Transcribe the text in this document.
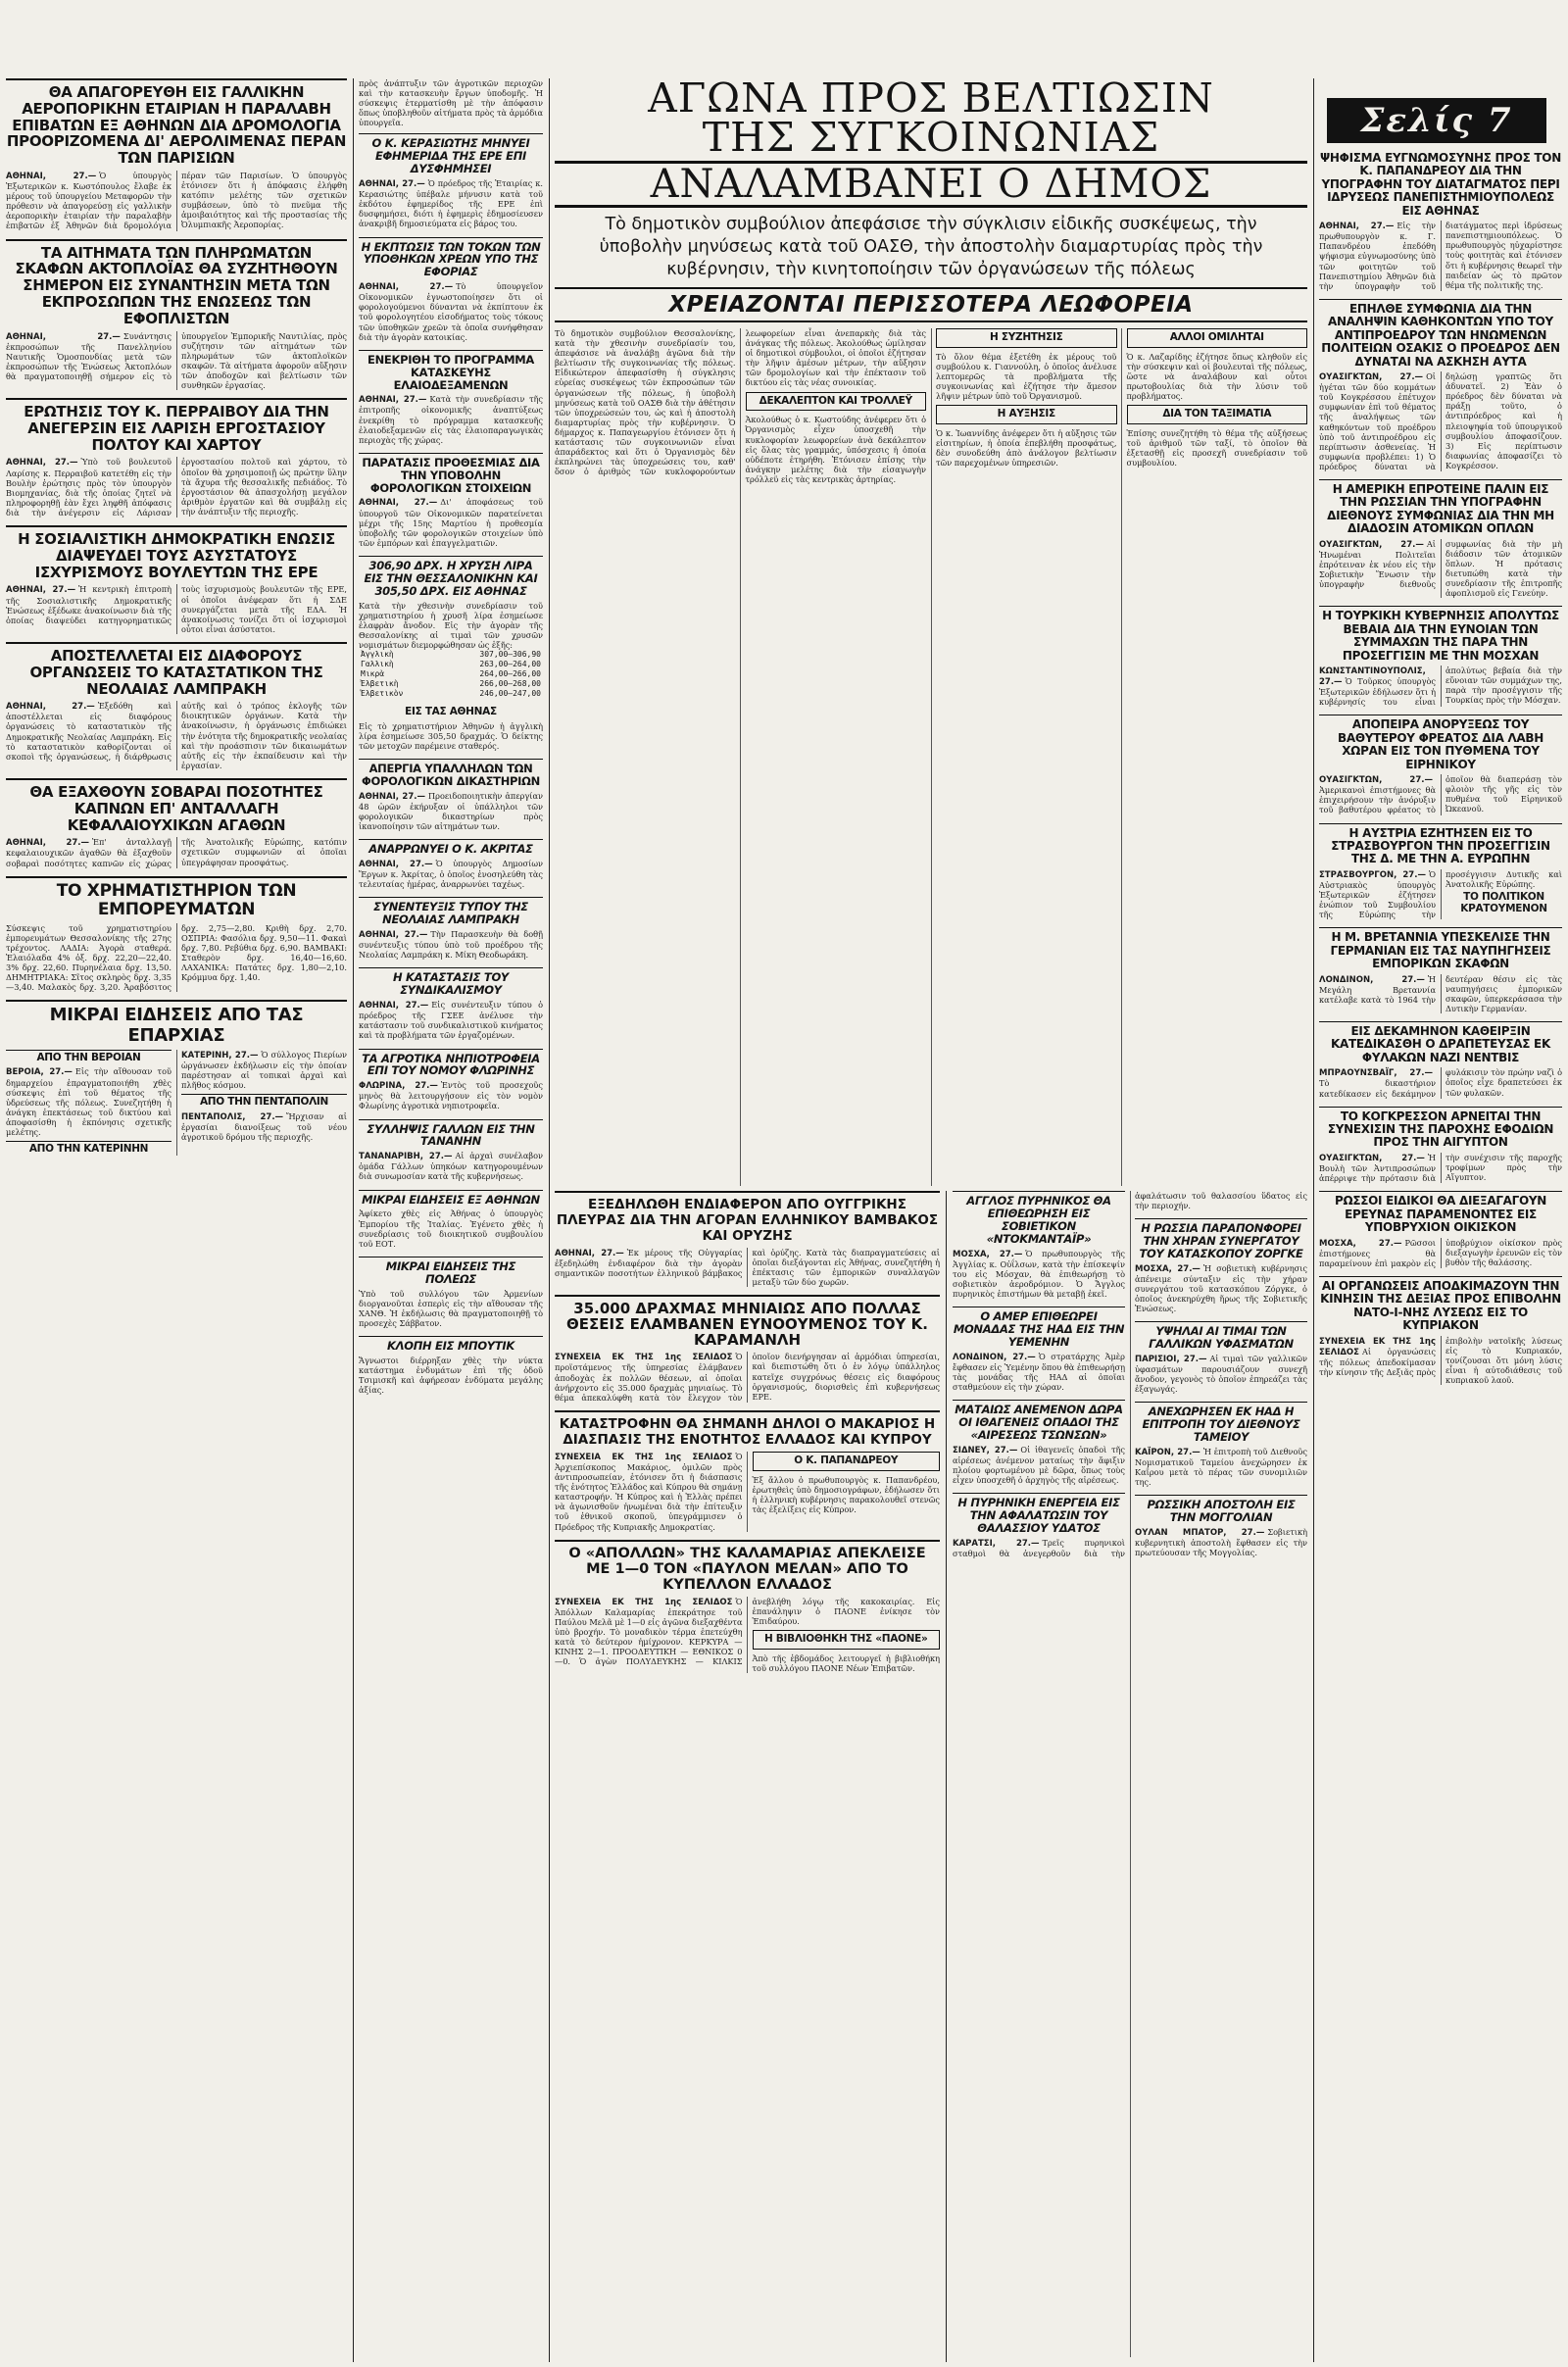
ΘΑ ΑΠΑΓΟΡΕΥΘΗ ΕΙΣ ΓΑΛΛΙΚΗΝ ΑΕΡΟΠΟΡΙΚΗΝ ΕΤΑΙΡΙΑΝ Η ΠΑΡΑΛΑΒΗ ΕΠΙΒΑΤΩΝ ΕΞ ΑΘΗΝΩΝ ΔΙΑ ΔΡΟΜΟΛΟΓΙΑ ΠΡΟΟΡΙΖΟΜΕΝΑ ΔΙ' ΑΕΡΟΛΙΜΕΝΑΣ ΠΕΡΑΝ ΤΩΝ ΠΑΡΙΣΙΩΝ
ΑΘΗΝΑΙ, 27.— Ὁ ὑπουργὸς Ἐξωτερικῶν κ. Κωστόπουλος ἔλαβε ἐκ μέρους τοῦ ὑπουργείου Μεταφορῶν τὴν πρόθεσιν νὰ ἀπαγορεύσῃ εἰς γαλλικὴν ἀεροπορικὴν ἑταιρίαν τὴν παραλαβὴν ἐπιβατῶν ἐξ Ἀθηνῶν διὰ δρομολόγια πέραν τῶν Παρισίων. Ὁ ὑπουργὸς ἐτόνισεν ὅτι ἡ ἀπόφασις ἐλήφθη κατόπιν μελέτης τῶν σχετικῶν συμβάσεων, ὑπὸ τὸ πνεῦμα τῆς ἀμοιβαιότητος καὶ τῆς προστασίας τῆς Ὀλυμπιακῆς Ἀεροπορίας.
ΤΑ ΑΙΤΗΜΑΤΑ ΤΩΝ ΠΛΗΡΩΜΑΤΩΝ ΣΚΑΦΩΝ ΑΚΤΟΠΛΟΪΑΣ ΘΑ ΣΥΖΗΤΗΘΟΥΝ ΣΗΜΕΡΟΝ ΕΙΣ ΣΥΝΑΝΤΗΣΙΝ ΜΕΤΑ ΤΩΝ ΕΚΠΡΟΣΩΠΩΝ ΤΗΣ ΕΝΩΣΕΩΣ ΤΩΝ ΕΦΟΠΛΙΣΤΩΝ
ΑΘΗΝΑΙ, 27.— Συνάντησις ἐκπροσώπων τῆς Πανελληνίου Ναυτικῆς Ὁμοσπονδίας μετὰ τῶν ἐκπροσώπων τῆς Ἑνώσεως Ἀκτοπλόων θὰ πραγματοποιηθῇ σήμερον εἰς τὸ ὑπουργεῖον Ἐμπορικῆς Ναυτιλίας, πρὸς συζήτησιν τῶν αἰτημάτων τῶν πληρωμάτων τῶν ἀκτοπλοϊκῶν σκαφῶν. Τὰ αἰτήματα ἀφοροῦν αὔξησιν τῶν ἀποδοχῶν καὶ βελτίωσιν τῶν συνθηκῶν ἐργασίας.
ΕΡΩΤΗΣΙΣ ΤΟΥ Κ. ΠΕΡΡΑΙΒΟΥ ΔΙΑ ΤΗΝ ΑΝΕΓΕΡΣΙΝ ΕΙΣ ΛΑΡΙΣΗ ΕΡΓΟΣΤΑΣΙΟΥ ΠΟΛΤΟΥ ΚΑΙ ΧΑΡΤΟΥ
ΑΘΗΝΑΙ, 27.— Ὑπὸ τοῦ βουλευτοῦ Λαρίσης κ. Περραιβοῦ κατετέθη εἰς τὴν Βουλὴν ἐρώτησις πρὸς τὸν ὑπουργὸν Βιομηχανίας, διὰ τῆς ὁποίας ζητεῖ νὰ πληροφορηθῇ ἐὰν ἔχει ληφθῆ ἀπόφασις διὰ τὴν ἀνέγερσιν εἰς Λάρισαν ἐργοστασίου πολτοῦ καὶ χάρτου, τὸ ὁποῖον θὰ χρησιμοποιῇ ὡς πρώτην ὕλην τὰ ἄχυρα τῆς θεσσαλικῆς πεδιάδος. Τὸ ἐργοστάσιον θὰ ἀπασχολήσῃ μεγάλον ἀριθμὸν ἐργατῶν καὶ θὰ συμβάλῃ εἰς τὴν ἀνάπτυξιν τῆς περιοχῆς.
Η ΣΟΣΙΑΛΙΣΤΙΚΗ ΔΗΜΟΚΡΑΤΙΚΗ ΕΝΩΣΙΣ ΔΙΑΨΕΥΔΕΙ ΤΟΥΣ ΑΣΥΣΤΑΤΟΥΣ ΙΣΧΥΡΙΣΜΟΥΣ ΒΟΥΛΕΥΤΩΝ ΤΗΣ ΕΡΕ
ΑΘΗΝΑΙ, 27.— Ἡ κεντρικὴ ἐπιτροπὴ τῆς Σοσιαλιστικῆς Δημοκρατικῆς Ἑνώσεως ἐξέδωκε ἀνακοίνωσιν διὰ τῆς ὁποίας διαψεύδει κατηγορηματικῶς τοὺς ἰσχυρισμοὺς βουλευτῶν τῆς ΕΡΕ, οἱ ὁποῖοι ἀνέφεραν ὅτι ἡ ΣΔΕ συνεργάζεται μετὰ τῆς ΕΔΑ. Ἡ ἀνακοίνωσις τονίζει ὅτι οἱ ἰσχυρισμοὶ οὗτοι εἶναι ἀσύστατοι.
ΑΠΟΣΤΕΛΛΕΤΑΙ ΕΙΣ ΔΙΑΦΟΡΟΥΣ ΟΡΓΑΝΩΣΕΙΣ ΤΟ ΚΑΤΑΣΤΑΤΙΚΟΝ ΤΗΣ ΝΕΟΛΑΙΑΣ ΛΑΜΠΡΑΚΗ
ΑΘΗΝΑΙ, 27.— Ἐξεδόθη καὶ ἀποστέλλεται εἰς διαφόρους ὀργανώσεις τὸ καταστατικὸν τῆς Δημοκρατικῆς Νεολαίας Λαμπράκη. Εἰς τὸ καταστατικὸν καθορίζονται οἱ σκοποὶ τῆς ὀργανώσεως, ἡ διάρθρωσις αὐτῆς καὶ ὁ τρόπος ἐκλογῆς τῶν διοικητικῶν ὀργάνων. Κατὰ τὴν ἀνακοίνωσιν, ἡ ὀργάνωσις ἐπιδιώκει τὴν ἐνότητα τῆς δημοκρατικῆς νεολαίας καὶ τὴν προάσπισιν τῶν δικαιωμάτων αὐτῆς εἰς τὴν ἐκπαίδευσιν καὶ τὴν ἐργασίαν.
ΘΑ ΕΞΑΧΘΟΥΝ ΣΟΒΑΡΑΙ ΠΟΣΟΤΗΤΕΣ ΚΑΠΝΩΝ ΕΠ' ΑΝΤΑΛΛΑΓΗ ΚΕΦΑΛΑΙΟΥΧΙΚΩΝ ΑΓΑΘΩΝ
ΑΘΗΝΑΙ, 27.— Ἐπ' ἀνταλλαγῇ κεφαλαιουχικῶν ἀγαθῶν θὰ ἐξαχθοῦν σοβαραὶ ποσότητες καπνῶν εἰς χώρας τῆς Ἀνατολικῆς Εὐρώπης, κατόπιν σχετικῶν συμφωνιῶν αἱ ὁποῖαι ὑπεγράφησαν προσφάτως.
ΤΟ ΧΡΗΜΑΤΙΣΤΗΡΙΟΝ ΤΩΝ ΕΜΠΟΡΕΥΜΑΤΩΝ
Σύσκεψις τοῦ χρηματιστηρίου ἐμπορευμάτων Θεσσαλονίκης τῆς 27ης τρέχοντος. ΛΑΔΙΑ: Ἀγορὰ σταθερά. Ἐλαιόλαδα 4% ὀξ. δρχ. 22,20—22,40. 3% δρχ. 22,60. Πυρηνέλαια δρχ. 13,50. ΔΗΜΗΤΡΙΑΚΑ: Σῖτος σκληρὸς δρχ. 3,35—3,40. Μαλακὸς δρχ. 3,20. Ἀραβόσιτος δρχ. 2,75—2,80. Κριθὴ δρχ. 2,70. ΟΣΠΡΙΑ: Φασόλια δρχ. 9,50—11. Φακαὶ δρχ. 7,80. Ρεβύθια δρχ. 6,90. ΒΑΜΒΑΚΙ: Σταθερὸν δρχ. 16,40—16,60. ΛΑΧΑΝΙΚΑ: Πατάτες δρχ. 1,80—2,10. Κρόμμυα δρχ. 1,40.
ΜΙΚΡΑΙ ΕΙΔΗΣΕΙΣ ΑΠΟ ΤΑΣ ΕΠΑΡΧΙΑΣ
ΑΠΟ ΤΗΝ ΒΕΡΟΙΑΝ
ΒΕΡΟΙΑ, 27.— Εἰς τὴν αἴθουσαν τοῦ δημαρχείου ἐπραγματοποιήθη χθὲς σύσκεψις ἐπὶ τοῦ θέματος τῆς ὑδρεύσεως τῆς πόλεως. Συνεζητήθη ἡ ἀνάγκη ἐπεκτάσεως τοῦ δικτύου καὶ ἀποφασίσθη ἡ ἐκπόνησις σχετικῆς μελέτης.
ΑΠΟ ΤΗΝ ΚΑΤΕΡΙΝΗΝ
ΚΑΤΕΡΙΝΗ, 27.— Ὁ σύλλογος Πιερίων ὠργάνωσεν ἐκδήλωσιν εἰς τὴν ὁποίαν παρέστησαν αἱ τοπικαὶ ἀρχαὶ καὶ πλῆθος κόσμου.
ΑΠΟ ΤΗΝ ΠΕΝΤΑΠΟΛΙΝ
ΠΕΝΤΑΠΟΛΙΣ, 27.— Ἤρχισαν αἱ ἐργασίαι διανοίξεως τοῦ νέου ἀγροτικοῦ δρόμου τῆς περιοχῆς.
πρὸς ἀνάπτυξιν τῶν ἀγροτικῶν περιοχῶν καὶ τὴν κατασκευὴν ἔργων ὑποδομῆς. Ἡ σύσκεψις ἐτερματίσθη μὲ τὴν ἀπόφασιν ὅπως ὑποβληθοῦν αἰτήματα πρὸς τὰ ἁρμόδια ὑπουργεῖα.
Ο Κ. ΚΕΡΑΣΙΩΤΗΣ ΜΗΝΥΕΙ ΕΦΗΜΕΡΙΔΑ ΤΗΣ ΕΡΕ ΕΠΙ ΔΥΣΦΗΜΗΣΕΙ
ΑΘΗΝΑΙ, 27.— Ὁ πρόεδρος τῆς Ἑταιρίας κ. Κερασιώτης ὑπέβαλε μήνυσιν κατὰ τοῦ ἐκδότου ἐφημερίδος τῆς ΕΡΕ ἐπὶ δυσφημήσει, διότι ἡ ἐφημερὶς ἐδημοσίευσεν ἀνακριβῆ δημοσιεύματα εἰς βάρος του.
Η ΕΚΠΤΩΣΙΣ ΤΩΝ ΤΟΚΩΝ ΤΩΝ ΥΠΟΘΗΚΩΝ ΧΡΕΩΝ ΥΠΟ ΤΗΣ ΕΦΟΡΙΑΣ
ΑΘΗΝΑΙ, 27.— Τὸ ὑπουργεῖον Οἰκονομικῶν ἐγνωστοποίησεν ὅτι οἱ φορολογούμενοι δύνανται νὰ ἐκπίπτουν ἐκ τοῦ φορολογητέου εἰσοδήματος τοὺς τόκους τῶν ὑποθηκῶν χρεῶν τὰ ὁποῖα συνήφθησαν διὰ τὴν ἀγορὰν κατοικίας.
ΕΝΕΚΡΙΘΗ ΤΟ ΠΡΟΓΡΑΜΜΑ ΚΑΤΑΣΚΕΥΗΣ ΕΛΑΙΟΔΕΞΑΜΕΝΩΝ
ΑΘΗΝΑΙ, 27.— Κατὰ τὴν συνεδρίασιν τῆς ἐπιτροπῆς οἰκονομικῆς ἀναπτύξεως ἐνεκρίθη τὸ πρόγραμμα κατασκευῆς ἐλαιοδεξαμενῶν εἰς τὰς ἐλαιοπαραγωγικὰς περιοχὰς τῆς χώρας.
ΠΑΡΑΤΑΣΙΣ ΠΡΟΘΕΣΜΙΑΣ ΔΙΑ ΤΗΝ ΥΠΟΒΟΛΗΝ ΦΟΡΟΛΟΓΙΚΩΝ ΣΤΟΙΧΕΙΩΝ
ΑΘΗΝΑΙ, 27.— Δι' ἀποφάσεως τοῦ ὑπουργοῦ τῶν Οἰκονομικῶν παρατείνεται μέχρι τῆς 15ης Μαρτίου ἡ προθεσμία ὑποβολῆς τῶν φορολογικῶν στοιχείων ὑπὸ τῶν ἐμπόρων καὶ ἐπαγγελματιῶν.
306,90 ΔΡΧ. Η ΧΡΥΣΗ ΛΙΡΑ ΕΙΣ ΤΗΝ ΘΕΣΣΑΛΟΝΙΚΗΝ ΚΑΙ 305,50 ΔΡΧ. ΕΙΣ ΑΘΗΝΑΣ
Κατὰ τὴν χθεσινὴν συνεδρίασιν τοῦ χρηματιστηρίου ἡ χρυσῆ λίρα ἐσημείωσε ἐλαφρὰν ἄνοδον. Εἰς τὴν ἀγορὰν τῆς Θεσσαλονίκης αἱ τιμαὶ τῶν χρυσῶν νομισμάτων διεμορφώθησαν ὡς ἑξῆς:
Ἀγγλικὴ	307,00—306,90
Γαλλικὴ	263,00—264,00
Μικρὰ	264,00—266,00
Ἐλβετικὴ	266,00—268,00
Ἑλβετικὸν	246,00—247,00
ΕΙΣ ΤΑΣ ΑΘΗΝΑΣ
Εἰς τὸ χρηματιστήριον Ἀθηνῶν ἡ ἀγγλικὴ λίρα ἐσημείωσε 305,50 δραχμάς. Ὁ δείκτης τῶν μετοχῶν παρέμεινε σταθερός.
ΑΠΕΡΓΙΑ ΥΠΑΛΛΗΛΩΝ ΤΩΝ ΦΟΡΟΛΟΓΙΚΩΝ ΔΙΚΑΣΤΗΡΙΩΝ
ΑΘΗΝΑΙ, 27.— Προειδοποιητικὴν ἀπεργίαν 48 ὡρῶν ἐκήρυξαν οἱ ὑπάλληλοι τῶν φορολογικῶν δικαστηρίων πρὸς ἱκανοποίησιν τῶν αἰτημάτων των.
ΑΝΑΡΡΩΝΥΕΙ Ο Κ. ΑΚΡΙΤΑΣ
ΑΘΗΝΑΙ, 27.— Ὁ ὑπουργὸς Δημοσίων Ἔργων κ. Ἀκρίτας, ὁ ὁποῖος ἐνοσηλεύθη τὰς τελευταίας ἡμέρας, ἀναρρωνύει ταχέως.
ΣΥΝΕΝΤΕΥΞΙΣ ΤΥΠΟΥ ΤΗΣ ΝΕΟΛΑΙΑΣ ΛΑΜΠΡΑΚΗ
ΑΘΗΝΑΙ, 27.— Τὴν Παρασκευὴν θὰ δοθῇ συνέντευξις τύπου ὑπὸ τοῦ προέδρου τῆς Νεολαίας Λαμπράκη κ. Μίκη Θεοδωράκη.
Η ΚΑΤΑΣΤΑΣΙΣ ΤΟΥ ΣΥΝΔΙΚΑΛΙΣΜΟΥ
ΑΘΗΝΑΙ, 27.— Εἰς συνέντευξιν τύπου ὁ πρόεδρος τῆς ΓΣΕΕ ἀνέλυσε τὴν κατάστασιν τοῦ συνδικαλιστικοῦ κινήματος καὶ τὰ προβλήματα τῶν ἐργαζομένων.
ΤΑ ΑΓΡΟΤΙΚΑ ΝΗΠΙΟΤΡΟΦΕΙΑ ΕΠΙ ΤΟΥ ΝΟΜΟΥ ΦΛΩΡΙΝΗΣ
ΦΛΩΡΙΝΑ, 27.— Ἐντὸς τοῦ προσεχοῦς μηνὸς θὰ λειτουργήσουν εἰς τὸν νομὸν Φλωρίνης ἀγροτικὰ νηπιοτροφεῖα.
ΣΥΛΛΗΨΙΣ ΓΑΛΛΩΝ ΕΙΣ ΤΗΝ ΤΑΝΑΝΗΝ
ΤΑΝΑΝΑΡΙΒΗ, 27.— Αἱ ἀρχαὶ συνέλαβον ὁμάδα Γάλλων ὑπηκόων κατηγορουμένων διὰ συνωμοσίαν κατὰ τῆς κυβερνήσεως.
ΜΙΚΡΑΙ ΕΙΔΗΣΕΙΣ ΕΞ ΑΘΗΝΩΝ
Ἀφίκετο χθὲς εἰς Ἀθήνας ὁ ὑπουργὸς Ἐμπορίου τῆς Ἰταλίας. Ἐγένετο χθὲς ἡ συνεδρίασις τοῦ διοικητικοῦ συμβουλίου τοῦ ΕΟΤ.
ΜΙΚΡΑΙ ΕΙΔΗΣΕΙΣ ΤΗΣ ΠΟΛΕΩΣ
Ὑπὸ τοῦ συλλόγου τῶν Ἀρμενίων διοργανοῦται ἑσπερὶς εἰς τὴν αἴθουσαν τῆς ΧΑΝΘ. Ἡ ἐκδήλωσις θὰ πραγματοποιηθῇ τὸ προσεχὲς Σάββατον.
ΚΛΟΠΗ ΕΙΣ ΜΠΟΥΤΙΚ
Ἄγνωστοι διέρρηξαν χθὲς τὴν νύκτα κατάστημα ἐνδυμάτων ἐπὶ τῆς ὁδοῦ Τσιμισκῆ καὶ ἀφήρεσαν ἐνδύματα μεγάλης ἀξίας.
ΑΓΩΝΑ ΠΡΟΣ ΒΕΛΤΙΩΣΙΝ
ΤΗΣ ΣΥΓΚΟΙΝΩΝΙΑΣ
ΑΝΑΛΑΜΒΑΝΕΙ Ο ΔΗΜΟΣ
Τὸ δημοτικὸν συμβούλιον ἀπεφάσισε τὴν σύγκλισιν εἰδικῆς συσκέψεως, τὴν ὑποβολὴν μηνύσεως κατὰ τοῦ ΟΑΣΘ, τὴν ἀποστολὴν διαμαρτυρίας πρὸς τὴν κυβέρνησιν, τὴν κινητοποίησιν τῶν ὀργανώσεων τῆς πόλεως
ΧΡΕΙΑΖΟΝΤΑΙ ΠΕΡΙΣΣΟΤΕΡΑ ΛΕΩΦΟΡΕΙΑ
Τὸ δημοτικὸν συμβούλιον Θεσσαλονίκης, κατὰ τὴν χθεσινὴν συνεδρίασίν του, ἀπεφάσισε νὰ ἀναλάβῃ ἀγῶνα διὰ τὴν βελτίωσιν τῆς συγκοινωνίας τῆς πόλεως. Εἰδικώτερον ἀπεφασίσθη ἡ σύγκλησις εὐρείας συσκέψεως τῶν ἐκπροσώπων τῶν ὀργανώσεων τῆς πόλεως, ἡ ὑποβολὴ μηνύσεως κατὰ τοῦ ΟΑΣΘ διὰ τὴν ἀθέτησιν τῶν ὑποχρεώσεών του, ὡς καὶ ἡ ἀποστολὴ διαμαρτυρίας πρὸς τὴν κυβέρνησιν. Ὁ δήμαρχος κ. Παπαγεωργίου ἐτόνισεν ὅτι ἡ κατάστασις τῶν συγκοινωνιῶν εἶναι ἀπαράδεκτος καὶ ὅτι ὁ Ὀργανισμὸς δὲν ἐκπληρώνει τὰς ὑποχρεώσεις του, καθ' ὅσον ὁ ἀριθμὸς τῶν κυκλοφορούντων λεωφορείων εἶναι ἀνεπαρκὴς διὰ τὰς ἀνάγκας τῆς πόλεως. Ἀκολούθως ὡμίλησαν οἱ δημοτικοὶ σύμβουλοι, οἱ ὁποῖοι ἐζήτησαν τὴν λῆψιν ἀμέσων μέτρων, τὴν αὔξησιν τῶν δρομολογίων καὶ τὴν ἐπέκτασιν τοῦ δικτύου εἰς τὰς νέας συνοικίας.
ΔΕΚΑΛΕΠΤΟΝ ΚΑΙ ΤΡΟΛΛΕΫ
Ἀκολούθως ὁ κ. Κωστούδης ἀνέφερεν ὅτι ὁ Ὀργανισμὸς εἶχεν ὑποσχεθῆ τὴν κυκλοφορίαν λεωφορείων ἀνὰ δεκάλεπτον εἰς ὅλας τὰς γραμμάς, ὑπόσχεσις ἡ ὁποία οὐδέποτε ἐτηρήθη. Ἐτόνισεν ἐπίσης τὴν ἀνάγκην μελέτης διὰ τὴν εἰσαγωγὴν τρόλλεϋ εἰς τὰς κεντρικὰς ἀρτηρίας.
Η ΣΥΖΗΤΗΣΙΣ
Τὸ ὅλον θέμα ἐξετέθη ἐκ μέρους τοῦ συμβούλου κ. Γιαννούλη, ὁ ὁποῖος ἀνέλυσε λεπτομερῶς τὰ προβλήματα τῆς συγκοινωνίας καὶ ἐζήτησε τὴν ἄμεσον λῆψιν μέτρων ὑπὸ τοῦ Ὀργανισμοῦ.
Η ΑΥΞΗΣΙΣ
Ὁ κ. Ἰωαννίδης ἀνέφερεν ὅτι ἡ αὔξησις τῶν εἰσιτηρίων, ἡ ὁποία ἐπεβλήθη προσφάτως, δὲν συνοδεύθη ἀπὸ ἀνάλογον βελτίωσιν τῶν παρεχομένων ὑπηρεσιῶν.
ΑΛΛΟΙ ΟΜΙΛΗΤΑΙ
Ὁ κ. Λαζαρίδης ἐζήτησε ὅπως κληθοῦν εἰς τὴν σύσκεψιν καὶ οἱ βουλευταὶ τῆς πόλεως, ὥστε νὰ ἀναλάβουν καὶ οὗτοι πρωτοβουλίας διὰ τὴν λύσιν τοῦ προβλήματος.
ΔΙΑ ΤΟΝ ΤΑΞΙΜΑΤΙΑ
Ἐπίσης συνεζητήθη τὸ θέμα τῆς αὐξήσεως τοῦ ἀριθμοῦ τῶν ταξί, τὸ ὁποῖον θὰ ἐξετασθῇ εἰς προσεχῆ συνεδρίασιν τοῦ συμβουλίου.
ΕΞΕΔΗΛΩΘΗ ΕΝΔΙΑΦΕΡΟΝ ΑΠΟ ΟΥΓΓΡΙΚΗΣ ΠΛΕΥΡΑΣ ΔΙΑ ΤΗΝ ΑΓΟΡΑΝ ΕΛΛΗΝΙΚΟΥ ΒΑΜΒΑΚΟΣ ΚΑΙ ΟΡΥΖΗΣ
ΑΘΗΝΑΙ, 27.— Ἐκ μέρους τῆς Οὐγγαρίας ἐξεδηλώθη ἐνδιαφέρον διὰ τὴν ἀγορὰν σημαντικῶν ποσοτήτων ἑλληνικοῦ βάμβακος καὶ ὀρύζης. Κατὰ τὰς διαπραγματεύσεις αἱ ὁποῖαι διεξάγονται εἰς Ἀθήνας, συνεζητήθη ἡ ἐπέκτασις τῶν ἐμπορικῶν συναλλαγῶν μεταξὺ τῶν δύο χωρῶν.
35.000 ΔΡΑΧΜΑΣ ΜΗΝΙΑΙΩΣ ΑΠΟ ΠΟΛΛΑΣ ΘΕΣΕΙΣ ΕΛΑΜΒΑΝΕΝ ΕΥΝΟΟΥΜΕΝΟΣ ΤΟΥ Κ. ΚΑΡΑΜΑΝΛΗ
ΣΥΝΕΧΕΙΑ ΕΚ ΤΗΣ 1ης ΣΕΛΙΔΟΣ Ὁ προϊστάμενος τῆς ὑπηρεσίας ἐλάμβανεν ἀποδοχὰς ἐκ πολλῶν θέσεων, αἱ ὁποῖαι ἀνήρχοντο εἰς 35.000 δραχμὰς μηνιαίως. Τὸ θέμα ἀπεκαλύφθη κατὰ τὸν ἔλεγχον τὸν ὁποῖον διενήργησαν αἱ ἁρμόδιαι ὑπηρεσίαι, καὶ διεπιστώθη ὅτι ὁ ἐν λόγῳ ὑπάλληλος κατεῖχε συγχρόνως θέσεις εἰς διαφόρους ὀργανισμούς, διορισθεὶς ἐπὶ κυβερνήσεως ΕΡΕ.
ΚΑΤΑΣΤΡΟΦΗΝ ΘΑ ΣΗΜΑΝΗ ΔΗΛΟΙ Ο ΜΑΚΑΡΙΟΣ Η ΔΙΑΣΠΑΣΙΣ ΤΗΣ ΕΝΟΤΗΤΟΣ ΕΛΛΑΔΟΣ ΚΑΙ ΚΥΠΡΟΥ
ΣΥΝΕΧΕΙΑ ΕΚ ΤΗΣ 1ης ΣΕΛΙΔΟΣ Ὁ Ἀρχιεπίσκοπος Μακάριος, ὁμιλῶν πρὸς ἀντιπροσωπείαν, ἐτόνισεν ὅτι ἡ διάσπασις τῆς ἑνότητος Ἑλλάδος καὶ Κύπρου θὰ σημάνῃ καταστροφήν. Ἡ Κύπρος καὶ ἡ Ἑλλὰς πρέπει νὰ ἀγωνισθοῦν ἡνωμέναι διὰ τὴν ἐπίτευξιν τοῦ ἐθνικοῦ σκοποῦ, ὑπεγράμμισεν ὁ Πρόεδρος τῆς Κυπριακῆς Δημοκρατίας.
Ο Κ. ΠΑΠΑΝΔΡΕΟΥ
Ἐξ ἄλλου ὁ πρωθυπουργὸς κ. Παπανδρέου, ἐρωτηθεὶς ὑπὸ δημοσιογράφων, ἐδήλωσεν ὅτι ἡ ἑλληνικὴ κυβέρνησις παρακολουθεῖ στενῶς τὰς ἐξελίξεις εἰς Κύπρον.
Ο «ΑΠΟΛΛΩΝ» ΤΗΣ ΚΑΛΑΜΑΡΙΑΣ ΑΠΕΚΛΕΙΣΕ ΜΕ 1—0 ΤΟΝ «ΠΑΥΛΟΝ ΜΕΛΑΝ» ΑΠΟ ΤΟ ΚΥΠΕΛΛΟΝ ΕΛΛΑΔΟΣ
ΣΥΝΕΧΕΙΑ ΕΚ ΤΗΣ 1ης ΣΕΛΙΔΟΣ Ὁ Ἀπόλλων Καλαμαρίας ἐπεκράτησε τοῦ Παύλου Μελᾶ μὲ 1—0 εἰς ἀγῶνα διεξαχθέντα ὑπὸ βροχήν. Τὸ μοναδικὸν τέρμα ἐπετεύχθη κατὰ τὸ δεύτερον ἡμίχρονον. ΚΕΡΚΥΡΑ — ΚΙΝΗΣ 2—1. ΠΡΟΟΔΕΥΤΙΚΗ — ΕΘΝΙΚΟΣ 0—0. Ὁ ἀγὼν ΠΟΛΥΔΕΥΚΗΣ — ΚΙΛΚΙΣ ἀνεβλήθη λόγῳ τῆς κακοκαιρίας. Εἰς ἐπανάληψιν ὁ ΠΑΟΝΕ ἐνίκησε τὸν Ἐπιδαύρου.
Η ΒΙΒΛΙΟΘΗΚΗ ΤΗΣ «ΠΑΟΝΕ»
Ἀπὸ τῆς ἑβδομάδος λειτουργεῖ ἡ βιβλιοθήκη τοῦ συλλόγου ΠΑΟΝΕ Νέων Ἐπιβατῶν.
ΑΓΓΛΟΣ ΠΥΡΗΝΙΚΟΣ ΘΑ ΕΠΙΘΕΩΡΗΣΗ ΕΙΣ ΣΟΒΙΕΤΙΚΟΝ «ΝΤΟΚΜΑΝΤΑΪΡ»
ΜΟΣΧΑ, 27.— Ὁ πρωθυπουργὸς τῆς Ἀγγλίας κ. Οὐΐλσων, κατὰ τὴν ἐπίσκεψίν του εἰς Μόσχαν, θὰ ἐπιθεωρήσῃ τὸ σοβιετικὸν ἀεροδρόμιον. Ὁ Ἄγγλος πυρηνικὸς ἐπιστήμων θὰ μεταβῇ ἐκεῖ.
Ο ΑΜΕΡ ΕΠΙΘΕΩΡΕΙ ΜΟΝΑΔΑΣ ΤΗΣ ΗΑΔ ΕΙΣ ΤΗΝ ΥΕΜΕΝΗΝ
ΛΟΝΔΙΝΟΝ, 27.— Ὁ στρατάρχης Ἀμὲρ ἔφθασεν εἰς Ὑεμένην ὅπου θὰ ἐπιθεωρήσῃ τὰς μονάδας τῆς ΗΑΔ αἱ ὁποῖαι σταθμεύουν εἰς τὴν χώραν.
ΜΑΤΑΙΩΣ ΑΝΕΜΕΝΟΝ ΔΩΡΑ ΟΙ ΙΘΑΓΕΝΕΙΣ ΟΠΑΔΟΙ ΤΗΣ «ΑΙΡΕΣΕΩΣ ΤΣΩΝΣΩΝ»
ΣΙΔΝΕΥ, 27.— Οἱ ἰθαγενεῖς ὀπαδοὶ τῆς αἱρέσεως ἀνέμενον ματαίως τὴν ἄφιξιν πλοίου φορτωμένου μὲ δῶρα, ὅπως τοὺς εἶχεν ὑποσχεθῆ ὁ ἀρχηγὸς τῆς αἱρέσεως.
Η ΠΥΡΗΝΙΚΗ ΕΝΕΡΓΕΙΑ ΕΙΣ ΤΗΝ ΑΦΑΛΑΤΩΣΙΝ ΤΟΥ ΘΑΛΑΣΣΙΟΥ ΥΔΑΤΟΣ
ΚΑΡΑΤΣΙ, 27.— Τρεῖς πυρηνικοὶ σταθμοὶ θὰ ἀνεγερθοῦν διὰ τὴν ἀφαλάτωσιν τοῦ θαλασσίου ὕδατος εἰς τὴν περιοχήν.
Η ΡΩΣΣΙΑ ΠΑΡΑΠΟΝΦΟΡΕΙ ΤΗΝ ΧΗΡΑΝ ΣΥΝΕΡΓΑΤΟΥ ΤΟΥ ΚΑΤΑΣΚΟΠΟΥ ΖΟΡΓΚΕ
ΜΟΣΧΑ, 27.— Ἡ σοβιετικὴ κυβέρνησις ἀπένειμε σύνταξιν εἰς τὴν χήραν συνεργάτου τοῦ κατασκόπου Ζόργκε, ὁ ὁποῖος ἀνεκηρύχθη ἥρως τῆς Σοβιετικῆς Ἑνώσεως.
ΥΨΗΛΑΙ ΑΙ ΤΙΜΑΙ ΤΩΝ ΓΑΛΛΙΚΩΝ ΥΦΑΣΜΑΤΩΝ
ΠΑΡΙΣΙΟΙ, 27.— Αἱ τιμαὶ τῶν γαλλικῶν ὑφασμάτων παρουσιάζουν συνεχῆ ἄνοδον, γεγονὸς τὸ ὁποῖον ἐπηρεάζει τὰς ἐξαγωγάς.
ΑΝΕΧΩΡΗΣΕΝ ΕΚ ΗΑΔ Η ΕΠΙΤΡΟΠΗ ΤΟΥ ΔΙΕΘΝΟΥΣ ΤΑΜΕΙΟΥ
ΚΑΪΡΟΝ, 27.— Ἡ ἐπιτροπὴ τοῦ Διεθνοῦς Νομισματικοῦ Ταμείου ἀνεχώρησεν ἐκ Καΐρου μετὰ τὸ πέρας τῶν συνομιλιῶν της.
ΡΩΣΣΙΚΗ ΑΠΟΣΤΟΛΗ ΕΙΣ ΤΗΝ ΜΟΓΓΟΛΙΑΝ
ΟΥΛΑΝ ΜΠΑΤΟΡ, 27.— Σοβιετικὴ κυβερνητικὴ ἀποστολὴ ἔφθασεν εἰς τὴν πρωτεύουσαν τῆς Μογγολίας.
Σελίς 7
ΨΗΦΙΣΜΑ ΕΥΓΝΩΜΟΣΥΝΗΣ ΠΡΟΣ ΤΟΝ Κ. ΠΑΠΑΝΔΡΕΟΥ ΔΙΑ ΤΗΝ ΥΠΟΓΡΑΦΗΝ ΤΟΥ ΔΙΑΤΑΓΜΑΤΟΣ ΠΕΡΙ ΙΔΡΥΣΕΩΣ ΠΑΝΕΠΙΣΤΗΜΙΟΥΠΟΛΕΩΣ ΕΙΣ ΑΘΗΝΑΣ
ΑΘΗΝΑΙ, 27.— Εἰς τὴν πρωθυπουργὸν κ. Γ. Παπανδρέου ἐπεδόθη ψήφισμα εὐγνωμοσύνης ὑπὸ τῶν φοιτητῶν τοῦ Πανεπιστημίου Ἀθηνῶν διὰ τὴν ὑπογραφὴν τοῦ διατάγματος περὶ ἱδρύσεως πανεπιστημιουπόλεως. Ὁ πρωθυπουργὸς ηὐχαρίστησε τοὺς φοιτητὰς καὶ ἐτόνισεν ὅτι ἡ κυβέρνησις θεωρεῖ τὴν παιδείαν ὡς τὸ πρῶτον θέμα τῆς πολιτικῆς της.
ΕΠΗΛΘΕ ΣΥΜΦΩΝΙΑ ΔΙΑ ΤΗΝ ΑΝΑΛΗΨΙΝ ΚΑΘΗΚΟΝΤΩΝ ΥΠΟ ΤΟΥ ΑΝΤΙΠΡΟΕΔΡΟΥ ΤΩΝ ΗΝΩΜΕΝΩΝ ΠΟΛΙΤΕΙΩΝ ΟΣΑΚΙΣ Ο ΠΡΟΕΔΡΟΣ ΔΕΝ ΔΥΝΑΤΑΙ ΝΑ ΑΣΚΗΣΗ ΑΥΤΑ
ΟΥΑΣΙΓΚΤΩΝ, 27.— Οἱ ἡγέται τῶν δύο κομμάτων τοῦ Κογκρέσσου ἐπέτυχον συμφωνίαν ἐπὶ τοῦ θέματος τῆς ἀναλήψεως τῶν καθηκόντων τοῦ προέδρου ὑπὸ τοῦ ἀντιπροέδρου εἰς περίπτωσιν ἀσθενείας. Ἡ συμφωνία προβλέπει: 1) Ὁ πρόεδρος δύναται νὰ δηλώσῃ γραπτῶς ὅτι ἀδυνατεῖ. 2) Ἐὰν ὁ πρόεδρος δὲν δύναται νὰ πράξῃ τοῦτο, ὁ ἀντιπρόεδρος καὶ ἡ πλειοψηφία τοῦ ὑπουργικοῦ συμβουλίου ἀποφασίζουν. 3) Εἰς περίπτωσιν διαφωνίας ἀποφασίζει τὸ Κογκρέσσον.
Η ΑΜΕΡΙΚΗ ΕΠΡΟΤΕΙΝΕ ΠΑΛΙΝ ΕΙΣ ΤΗΝ ΡΩΣΣΙΑΝ ΤΗΝ ΥΠΟΓΡΑΦΗΝ ΔΙΕΘΝΟΥΣ ΣΥΜΦΩΝΙΑΣ ΔΙΑ ΤΗΝ ΜΗ ΔΙΑΔΟΣΙΝ ΑΤΟΜΙΚΩΝ ΟΠΛΩΝ
ΟΥΑΣΙΓΚΤΩΝ, 27.— Αἱ Ἡνωμέναι Πολιτεῖαι ἐπρότειναν ἐκ νέου εἰς τὴν Σοβιετικὴν Ἕνωσιν τὴν ὑπογραφὴν διεθνοῦς συμφωνίας διὰ τὴν μὴ διάδοσιν τῶν ἀτομικῶν ὅπλων. Ἡ πρότασις διετυπώθη κατὰ τὴν συνεδρίασιν τῆς ἐπιτροπῆς ἀφοπλισμοῦ εἰς Γενεύην.
Η ΤΟΥΡΚΙΚΗ ΚΥΒΕΡΝΗΣΙΣ ΑΠΟΛΥΤΩΣ ΒΕΒΑΙΑ ΔΙΑ ΤΗΝ ΕΥΝΟΙΑΝ ΤΩΝ ΣΥΜΜΑΧΩΝ ΤΗΣ ΠΑΡΑ ΤΗΝ ΠΡΟΣΕΓΓΙΣΙΝ ΜΕ ΤΗΝ ΜΟΣΧΑΝ
ΚΩΝΣΤΑΝΤΙΝΟΥΠΟΛΙΣ, 27.— Ὁ Τοῦρκος ὑπουργὸς Ἐξωτερικῶν ἐδήλωσεν ὅτι ἡ κυβέρνησίς του εἶναι ἀπολύτως βεβαία διὰ τὴν εὔνοιαν τῶν συμμάχων της, παρὰ τὴν προσέγγισιν τῆς Τουρκίας πρὸς τὴν Μόσχαν.
ΑΠΟΠΕΙΡΑ ΑΝΟΡΥΞΕΩΣ ΤΟΥ ΒΑΘΥΤΕΡΟΥ ΦΡΕΑΤΟΣ ΔΙΑ ΛΑΒΗ ΧΩΡΑΝ ΕΙΣ ΤΟΝ ΠΥΘΜΕΝΑ ΤΟΥ ΕΙΡΗΝΙΚΟΥ
ΟΥΑΣΙΓΚΤΩΝ, 27.—Ἀμερικανοὶ ἐπιστήμονες θὰ ἐπιχειρήσουν τὴν ἀνόρυξιν τοῦ βαθυτέρου φρέατος τὸ ὁποῖον θὰ διαπεράσῃ τὸν φλοιὸν τῆς γῆς εἰς τὸν πυθμένα τοῦ Εἰρηνικοῦ Ὠκεανοῦ.
Η ΑΥΣΤΡΙΑ ΕΖΗΤΗΣΕΝ ΕΙΣ ΤΟ ΣΤΡΑΣΒΟΥΡΓΟΝ ΤΗΝ ΠΡΟΣΕΓΓΙΣΙΝ ΤΗΣ Δ. ΜΕ ΤΗΝ Α. ΕΥΡΩΠΗΝ
ΣΤΡΑΣΒΟΥΡΓΟΝ, 27.— Ὁ Αὐστριακὸς ὑπουργὸς Ἐξωτερικῶν ἐζήτησεν ἐνώπιον τοῦ Συμβουλίου τῆς Εὐρώπης τὴν προσέγγισιν Δυτικῆς καὶ Ἀνατολικῆς Εὐρώπης.
ΤΟ ΠΟΛΙΤΙΚΟΝ ΚΡΑΤΟΥΜΕΝΟΝ
Η Μ. ΒΡΕΤΑΝΝΙΑ ΥΠΕΣΚΕΛΙΣΕ ΤΗΝ ΓΕΡΜΑΝΙΑΝ ΕΙΣ ΤΑΣ ΝΑΥΠΗΓΗΣΕΙΣ ΕΜΠΟΡΙΚΩΝ ΣΚΑΦΩΝ
ΛΟΝΔΙΝΟΝ, 27.— Ἡ Μεγάλη Βρεταννία κατέλαβε κατὰ τὸ 1964 τὴν δευτέραν θέσιν εἰς τὰς ναυπηγήσεις ἐμπορικῶν σκαφῶν, ὑπερκεράσασα τὴν Δυτικὴν Γερμανίαν.
ΕΙΣ ΔΕΚΑΜΗΝΟΝ ΚΑΘΕΙΡΞΙΝ ΚΑΤΕΔΙΚΑΣΘΗ Ο ΔΡΑΠΕΤΕΥΣΑΣ ΕΚ ΦΥΛΑΚΩΝ ΝΑΖΙ ΝΕΝΤΒΙΣ
ΜΠΡΑΟΥΝΣΒΑΪΓ, 27.—Τὸ δικαστήριον κατεδίκασεν εἰς δεκάμηνον φυλάκισιν τὸν πρώην ναζὶ ὁ ὁποῖος εἶχε δραπετεύσει ἐκ τῶν φυλακῶν.
ΤΟ ΚΟΓΚΡΕΣΣΟΝ ΑΡΝΕΙΤΑΙ ΤΗΝ ΣΥΝΕΧΙΣΙΝ ΤΗΣ ΠΑΡΟΧΗΣ ΕΦΟΔΙΩΝ ΠΡΟΣ ΤΗΝ ΑΙΓΥΠΤΟΝ
ΟΥΑΣΙΓΚΤΩΝ, 27.— Ἡ Βουλὴ τῶν Ἀντιπροσώπων ἀπέρριψε τὴν πρότασιν διὰ τὴν συνέχισιν τῆς παροχῆς τροφίμων πρὸς τὴν Αἴγυπτον.
ΡΩΣΣΟΙ ΕΙΔΙΚΟΙ ΘΑ ΔΙΕΞΑΓΑΓΟΥΝ ΕΡΕΥΝΑΣ ΠΑΡΑΜΕΝΟΝΤΕΣ ΕΙΣ ΥΠΟΒΡΥΧΙΟΝ ΟΙΚΙΣΚΟΝ
ΜΟΣΧΑ, 27.— Ρῶσσοι ἐπιστήμονες θὰ παραμείνουν ἐπὶ μακρὸν εἰς ὑποβρύχιον οἰκίσκον πρὸς διεξαγωγὴν ἐρευνῶν εἰς τὸν βυθὸν τῆς θαλάσσης.
ΑΙ ΟΡΓΑΝΩΣΕΙΣ ΑΠΟΔΚΙΜΑΖΟΥΝ ΤΗΝ ΚΙΝΗΣΙΝ ΤΗΣ ΔΕΞΙΑΣ ΠΡΟΣ ΕΠΙΒΟΛΗΝ ΝΑΤΟ-Ι-ΝΗΣ ΛΥΣΕΩΣ ΕΙΣ ΤΟ ΚΥΠΡΙΑΚΟΝ
ΣΥΝΕΧΕΙΑ ΕΚ ΤΗΣ 1ης ΣΕΛΙΔΟΣ Αἱ ὀργανώσεις τῆς πόλεως ἀπεδοκίμασαν τὴν κίνησιν τῆς Δεξιᾶς πρὸς ἐπιβολὴν νατοϊκῆς λύσεως εἰς τὸ Κυπριακόν, τονίζουσαι ὅτι μόνη λύσις εἶναι ἡ αὐτοδιάθεσις τοῦ κυπριακοῦ λαοῦ.
